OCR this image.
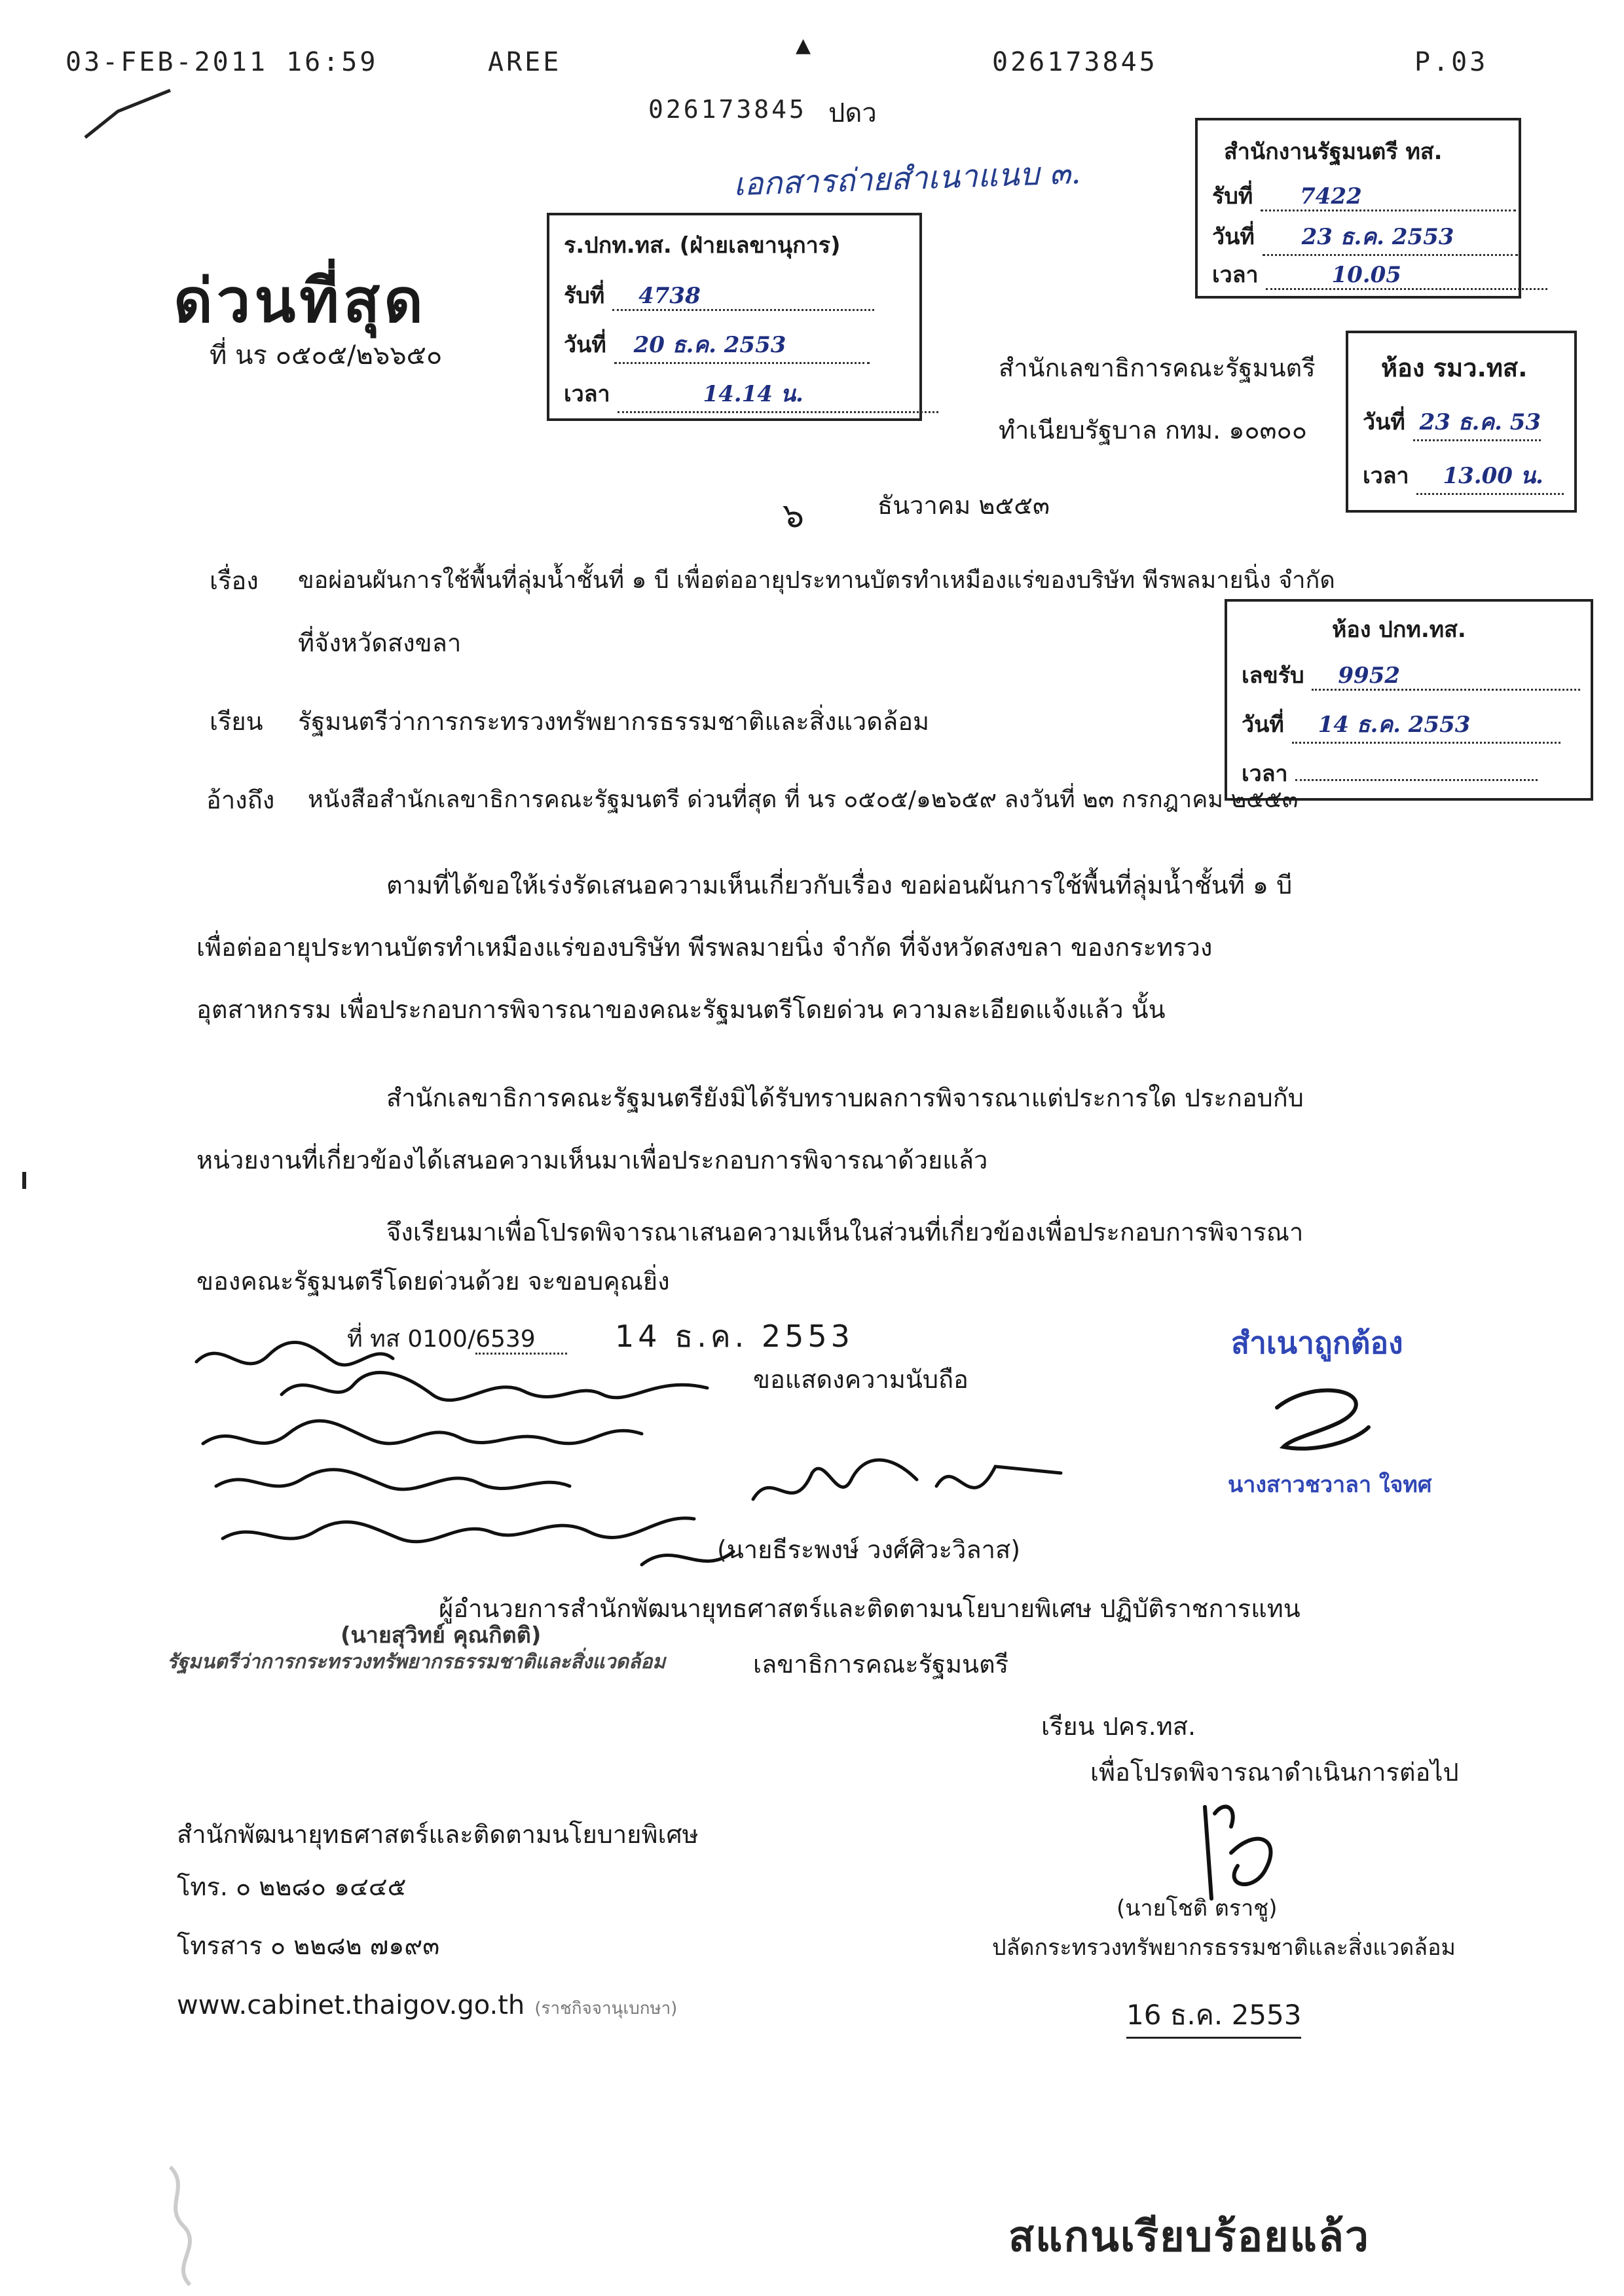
03-FEB-2011 16:59	AREE
▲
026173845	P.03
026173845 ปดว
เอกสารถ่ายสำเนาแนบ ๓.
ด่วนที่สุด
ที่ นร ๐๕๐๕/๒๖๖๕๐
ร.ปกท.ทส. (ฝ่ายเลขานุการ)
รับที่ 4738
วันที่ 20 ธ.ค. 2553
เวลา	14.14 น.
สำนักงานรัฐมนตรี ทส.
รับที่ 7422
วันที่ 23 ธ.ค. 2553
เวลา	10.05
สำนักเลขาธิการคณะรัฐมนตรี
ทำเนียบรัฐบาล กทม. ๑๐๓๐๐
ห้อง รมว.ทส.
วันที่ 23 ธ.ค. 53
เวลา 13.00 น.
๖	ธันวาคม ๒๕๕๓
เรื่อง ขอผ่อนผันการใช้พื้นที่ลุ่มน้ำชั้นที่ ๑ บี เพื่อต่ออายุประทานบัตรทำเหมืองแร่ของบริษัท พีรพลมายนิ่ง จำกัด
ที่จังหวัดสงขลา	ห้อง ปกท.ทส.
เลขรับ 9952
วันที่ 14 ธ.ค. 2553
เวลา
เรียน รัฐมนตรีว่าการกระทรวงทรัพยากรธรรมชาติและสิ่งแวดล้อม
อ้างถึง หนังสือสำนักเลขาธิการคณะรัฐมนตรี ด่วนที่สุด ที่ นร ๐๕๐๕/๑๒๖๕๙ ลงวันที่ ๒๓ กรกฎาคม ๒๕๕๓
ตามที่ได้ขอให้เร่งรัดเสนอความเห็นเกี่ยวกับเรื่อง ขอผ่อนผันการใช้พื้นที่ลุ่มน้ำชั้นที่ ๑ บี
เพื่อต่ออายุประทานบัตรทำเหมืองแร่ของบริษัท พีรพลมายนิ่ง จำกัด ที่จังหวัดสงขลา ของกระทรวง
อุตสาหกรรม เพื่อประกอบการพิจารณาของคณะรัฐมนตรีโดยด่วน ความละเอียดแจ้งแล้ว นั้น
สำนักเลขาธิการคณะรัฐมนตรียังมิได้รับทราบผลการพิจารณาแต่ประการใด ประกอบกับ
หน่วยงานที่เกี่ยวข้องได้เสนอความเห็นมาเพื่อประกอบการพิจารณาด้วยแล้ว
จึงเรียนมาเพื่อโปรดพิจารณาเสนอความเห็นในส่วนที่เกี่ยวข้องเพื่อประกอบการพิจารณา
ของคณะรัฐมนตรีโดยด่วนด้วย จะขอบคุณยิ่ง
ที่ ทส 0100/6539	14 ธ.ค. 2553
ขอแสดงความนับถือ
(นายธีระพงษ์ วงศ์ศิวะวิลาส)
ผู้อำนวยการสำนักพัฒนายุทธศาสตร์และติดตามนโยบายพิเศษ ปฏิบัติราชการแทน
เลขาธิการคณะรัฐมนตรี
(นายสุวิทย์ คุณกิตติ)
รัฐมนตรีว่าการกระทรวงทรัพยากรธรรมชาติและสิ่งแวดล้อม
สำเนาถูกต้อง
นางสาวชวาลา ใจทศ
เรียน ปคร.ทส.
เพื่อโปรดพิจารณาดำเนินการต่อไป
(นายโชติ ตราชู)
ปลัดกระทรวงทรัพยากรธรรมชาติและสิ่งแวดล้อม
16 ธ.ค. 2553
สำนักพัฒนายุทธศาสตร์และติดตามนโยบายพิเศษ
โทร. ๐ ๒๒๘๐ ๑๔๔๕
โทรสาร ๐ ๒๒๘๒ ๗๑๙๓
www.cabinet.thaigov.go.th (ราชกิจจานุเบกษา)
สแกนเรียบร้อยแล้ว
